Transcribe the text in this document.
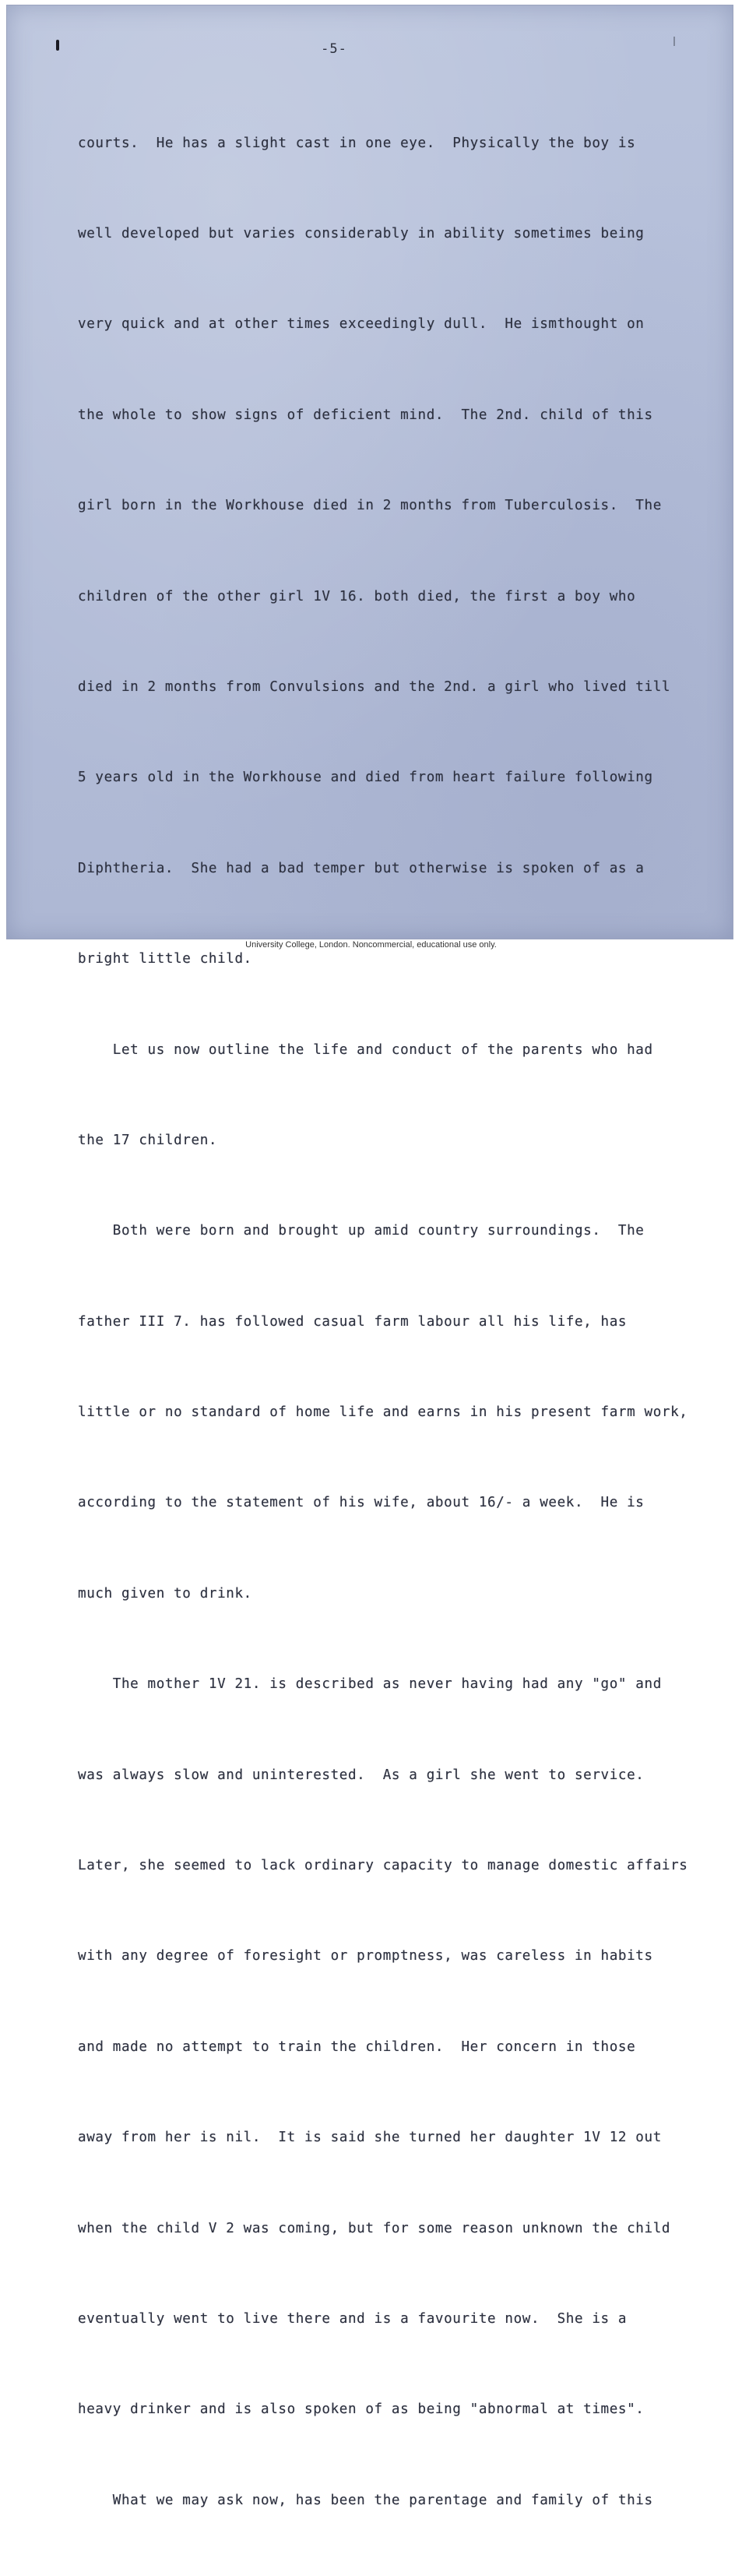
-5-

courts.  He has a slight cast in one eye.  Physically the boy is

well developed but varies considerably in ability sometimes being

very quick and at other times exceedingly dull.  He ismthought on

the whole to show signs of deficient mind.  The 2nd. child of this

girl born in the Workhouse died in 2 months from Tuberculosis.  The

children of the other girl 1V 16. both died, the first a boy who

died in 2 months from Convulsions and the 2nd. a girl who lived till

5 years old in the Workhouse and died from heart failure following

Diphtheria.  She had a bad temper but otherwise is spoken of as a

bright little child.

Let us now outline the life and conduct of the parents who had

the 17 children.

Both were born and brought up amid country surroundings.  The

father III 7. has followed casual farm labour all his life, has

little or no standard of home life and earns in his present farm work,

according to the statement of his wife, about 16/- a week.  He is

much given to drink.

The mother 1V 21. is described as never having had any "go" and

was always slow and uninterested.  As a girl she went to service.

Later, she seemed to lack ordinary capacity to manage domestic affairs

with any degree of foresight or promptness, was careless in habits

and made no attempt to train the children.  Her concern in those

away from her is nil.  It is said she turned her daughter 1V 12 out

when the child V 2 was coming, but for some reason unknown the child

eventually went to live there and is a favourite now.  She is a

heavy drinker and is also spoken of as being "abnormal at times".

What we may ask now, has been the parentage and family of this

University College, London. Noncommercial, educational use only.
